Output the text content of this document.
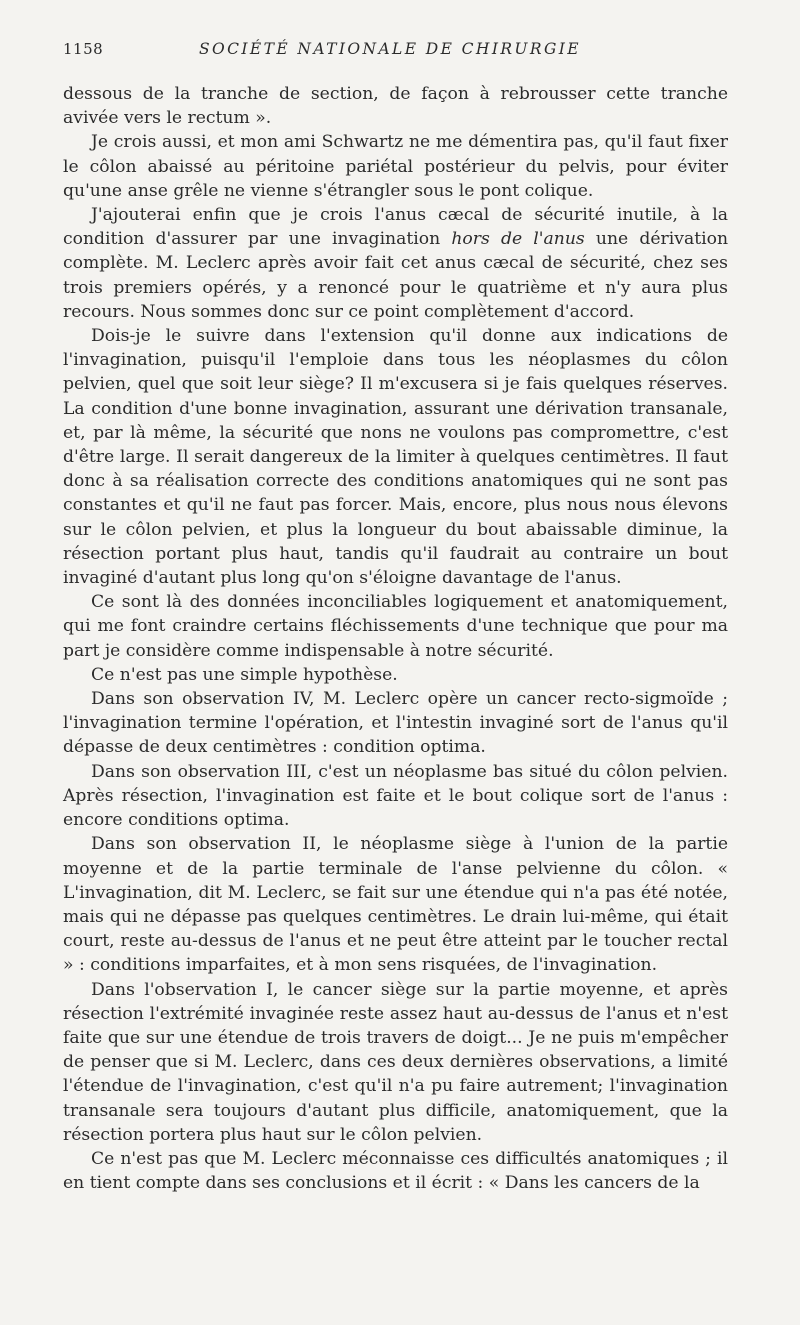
1158	SOCIÉTÉ NATIONALE DE CHIRURGIE

dessous de la tranche de section, de façon à rebrousser cette tranche avivée vers le rectum ».

Je crois aussi, et mon ami Schwartz ne me démentira pas, qu'il faut fixer le côlon abaissé au péritoine pariétal postérieur du pelvis, pour éviter qu'une anse grêle ne vienne s'étrangler sous le pont colique.

J'ajouterai enfin que je crois l'anus cæcal de sécurité inutile, à la condition d'assurer par une invagination hors de l'anus une dérivation complète. M. Leclerc après avoir fait cet anus cæcal de sécurité, chez ses trois premiers opérés, y a renoncé pour le quatrième et n'y aura plus recours. Nous sommes donc sur ce point complètement d'accord.

Dois-je le suivre dans l'extension qu'il donne aux indications de l'invagination, puisqu'il l'emploie dans tous les néoplasmes du côlon pelvien, quel que soit leur siège? Il m'excusera si je fais quelques réserves. La condition d'une bonne invagination, assurant une dérivation transanale, et, par là même, la sécurité que nons ne voulons pas compromettre, c'est d'être large. Il serait dangereux de la limiter à quelques centimètres. Il faut donc à sa réalisation correcte des conditions anatomiques qui ne sont pas constantes et qu'il ne faut pas forcer. Mais, encore, plus nous nous élevons sur le côlon pelvien, et plus la longueur du bout abaissable diminue, la résection portant plus haut, tandis qu'il faudrait au contraire un bout invaginé d'autant plus long qu'on s'éloigne davantage de l'anus.

Ce sont là des données inconciliables logiquement et anatomiquement, qui me font craindre certains fléchissements d'une technique que pour ma part je considère comme indispensable à notre sécurité.

Ce n'est pas une simple hypothèse.

Dans son observation IV, M. Leclerc opère un cancer recto-sigmoïde ; l'invagination termine l'opération, et l'intestin invaginé sort de l'anus qu'il dépasse de deux centimètres : condition optima.

Dans son observation III, c'est un néoplasme bas situé du côlon pelvien. Après résection, l'invagination est faite et le bout colique sort de l'anus : encore conditions optima.

Dans son observation II, le néoplasme siège à l'union de la partie moyenne et de la partie terminale de l'anse pelvienne du côlon. « L'invagination, dit M. Leclerc, se fait sur une étendue qui n'a pas été notée, mais qui ne dépasse pas quelques centimètres. Le drain lui-même, qui était court, reste au-dessus de l'anus et ne peut être atteint par le toucher rectal » : conditions imparfaites, et à mon sens risquées, de l'invagination.

Dans l'observation I, le cancer siège sur la partie moyenne, et après résection l'extrémité invaginée reste assez haut au-dessus de l'anus et n'est faite que sur une étendue de trois travers de doigt... Je ne puis m'empêcher de penser que si M. Leclerc, dans ces deux dernières observations, a limité l'étendue de l'invagination, c'est qu'il n'a pu faire autrement; l'invagination transanale sera toujours d'autant plus difficile, anatomiquement, que la résection portera plus haut sur le côlon pelvien.

Ce n'est pas que M. Leclerc méconnaisse ces difficultés anatomiques ; il en tient compte dans ses conclusions et il écrit : « Dans les cancers de la
